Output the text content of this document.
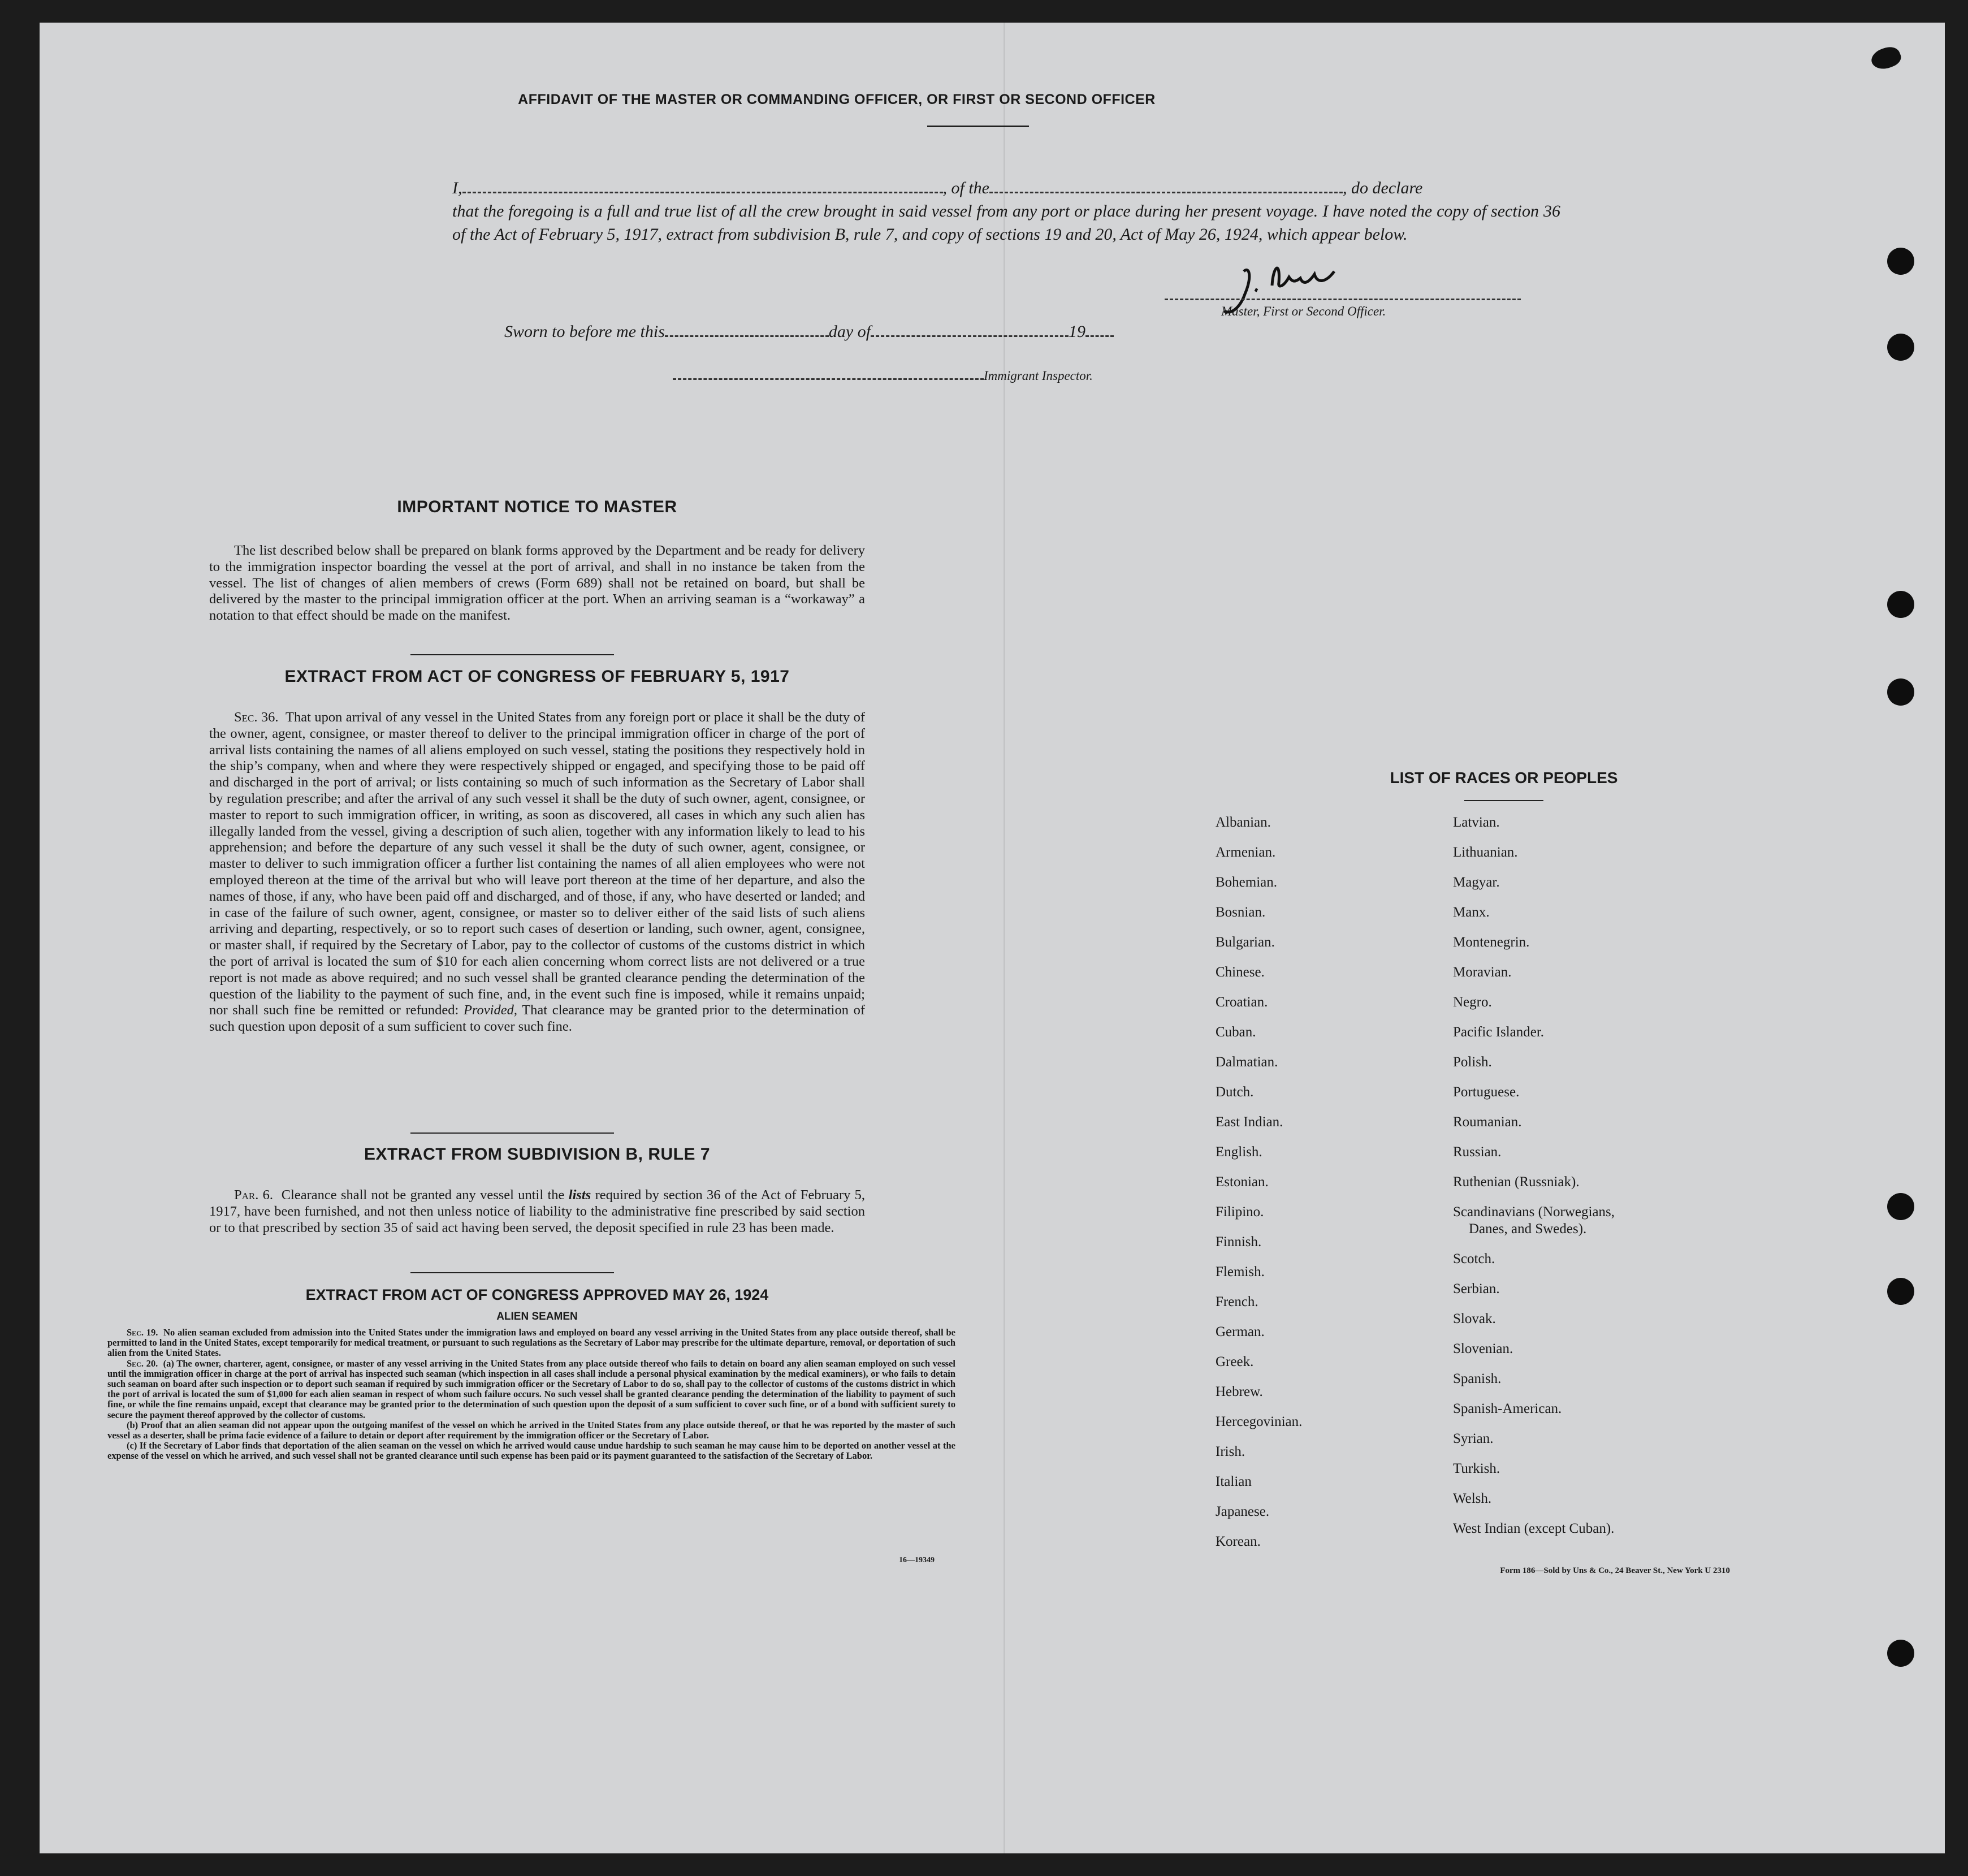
AFFIDAVIT OF THE MASTER OR COMMANDING OFFICER, OR FIRST OR SECOND OFFICER
I,	, of the	, do declare
that the foregoing is a full and true list of all the crew brought in said vessel from any port or place during her present voyage. I have noted the copy of section 36 of the Act of February 5, 1917, extract from subdivision B, rule 7, and copy of sections 19 and 20, Act of May 26, 1924, which appear below.
Master, First or Second Officer.
Sworn to before me this	day of	19
Immigrant Inspector.
IMPORTANT NOTICE TO MASTER

The list described below shall be prepared on blank forms approved by the Department and be ready for delivery to the immigration inspector boarding the vessel at the port of arrival, and shall in no instance be taken from the vessel. The list of changes of alien members of crews (Form 689) shall not be retained on board, but shall be delivered by the master to the principal immigration officer at the port. When an arriving seaman is a “workaway” a notation to that effect should be made on the manifest.

EXTRACT FROM ACT OF CONGRESS OF FEBRUARY 5, 1917

Sec. 36. That upon arrival of any vessel in the United States from any foreign port or place it shall be the duty of the owner, agent, consignee, or master thereof to deliver to the principal immigration officer in charge of the port of arrival lists containing the names of all aliens employed on such vessel, stating the positions they respectively hold in the ship’s company, when and where they were respectively shipped or engaged, and specifying those to be paid off and discharged in the port of arrival; or lists containing so much of such information as the Secretary of Labor shall by regulation prescribe; and after the arrival of any such vessel it shall be the duty of such owner, agent, consignee, or master to report to such immigration officer, in writing, as soon as discovered, all cases in which any such alien has illegally landed from the vessel, giving a description of such alien, together with any information likely to lead to his apprehension; and before the departure of any such vessel it shall be the duty of such owner, agent, consignee, or master to deliver to such immigration officer a further list containing the names of all alien employees who were not employed thereon at the time of the arrival but who will leave port thereon at the time of her departure, and also the names of those, if any, who have been paid off and discharged, and of those, if any, who have deserted or landed; and in case of the failure of such owner, agent, consignee, or master so to deliver either of the said lists of such aliens arriving and departing, respectively, or so to report such cases of desertion or landing, such owner, agent, consignee, or master shall, if required by the Secretary of Labor, pay to the collector of customs of the customs district in which the port of arrival is located the sum of $10 for each alien concerning whom correct lists are not delivered or a true report is not made as above required; and no such vessel shall be granted clearance pending the determination of the question of the liability to the payment of such fine, and, in the event such fine is imposed, while it remains unpaid; nor shall such fine be remitted or refunded: Provided, That clearance may be granted prior to the determination of such question upon deposit of a sum sufficient to cover such fine.

EXTRACT FROM SUBDIVISION B, RULE 7

Par. 6. Clearance shall not be granted any vessel until the lists required by section 36 of the Act of February 5, 1917, have been furnished, and not then unless notice of liability to the administrative fine prescribed by said section or to that prescribed by section 35 of said act having been served, the deposit specified in rule 23 has been made.

EXTRACT FROM ACT OF CONGRESS APPROVED MAY 26, 1924
ALIEN SEAMEN

Sec. 19. No alien seaman excluded from admission into the United States under the immigration laws and employed on board any vessel arriving in the United States from any place outside thereof, shall be permitted to land in the United States, except temporarily for medical treatment, or pursuant to such regulations as the Secretary of Labor may prescribe for the ultimate departure, removal, or deportation of such alien from the United States.

Sec. 20. (a) The owner, charterer, agent, consignee, or master of any vessel arriving in the United States from any place outside thereof who fails to detain on board any alien seaman employed on such vessel until the immigration officer in charge at the port of arrival has inspected such seaman (which inspection in all cases shall include a personal physical examination by the medical examiners), or who fails to detain such seaman on board after such inspection or to deport such seaman if required by such immigration officer or the Secretary of Labor to do so, shall pay to the collector of customs of the customs district in which the port of arrival is located the sum of $1,000 for each alien seaman in respect of whom such failure occurs. No such vessel shall be granted clearance pending the determination of the liability to payment of such fine, or while the fine remains unpaid, except that clearance may be granted prior to the determination of such question upon the deposit of a sum sufficient to cover such fine, or of a bond with sufficient surety to secure the payment thereof approved by the collector of customs.

(b) Proof that an alien seaman did not appear upon the outgoing manifest of the vessel on which he arrived in the United States from any place outside thereof, or that he was reported by the master of such vessel as a deserter, shall be prima facie evidence of a failure to detain or deport after requirement by the immigration officer or the Secretary of Labor.

(c) If the Secretary of Labor finds that deportation of the alien seaman on the vessel on which he arrived would cause undue hardship to such seaman he may cause him to be deported on another vessel at the expense of the vessel on which he arrived, and such vessel shall not be granted clearance until such expense has been paid or its payment guaranteed to the satisfaction of the Secretary of Labor.

16—19349
LIST OF RACES OR PEOPLES
Albanian.
Armenian.
Bohemian.
Bosnian.
Bulgarian.
Chinese.
Croatian.
Cuban.
Dalmatian.
Dutch.
East Indian.
English.
Estonian.
Filipino.
Finnish.
Flemish.
French.
German.
Greek.
Hebrew.
Hercegovinian.
Irish.
Italian
Japanese.
Korean.
Latvian.
Lithuanian.
Magyar.
Manx.
Montenegrin.
Moravian.
Negro.
Pacific Islander.
Polish.
Portuguese.
Roumanian.
Russian.
Ruthenian (Russniak).
Scandinavians (Norwegians,
Danes, and Swedes).
Scotch.
Serbian.
Slovak.
Slovenian.
Spanish.
Spanish-American.
Syrian.
Turkish.
Welsh.
West Indian (except Cuban).
Form 186—Sold by Uns & Co., 24 Beaver St., New York U 2310
